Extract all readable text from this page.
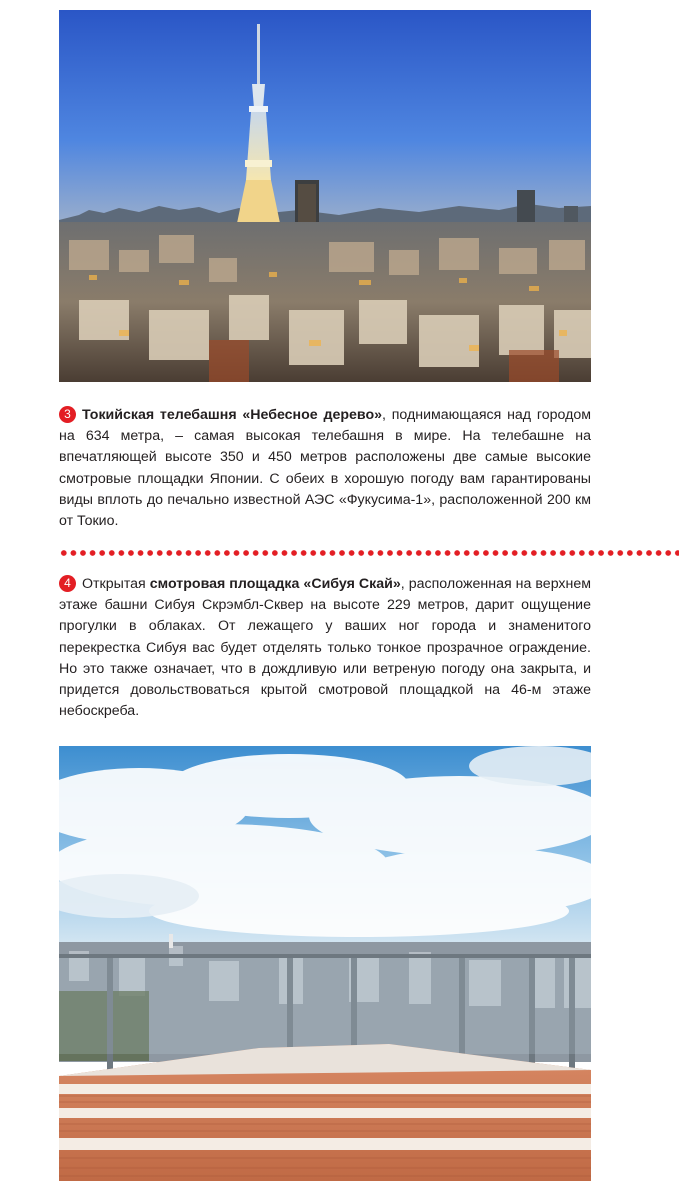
3 Токийская телебашня «Небесное дерево», поднимающаяся над городом на 634 метра, – самая высокая телебашня в мире. На телебашне на впечатляющей высоте 350 и 450 метров расположены две самые высокие смотровые площадки Японии. С обеих в хорошую погоду вам гарантированы виды вплоть до печально известной АЭС «Фукусима-1», расположенной 200 км от Токио.
4 Открытая смотровая площадка «Сибуя Скай», расположенная на верхнем этаже башни Сибуя Скрэмбл-Сквер на высоте 229 метров, дарит ощущение прогулки в облаках. От лежащего у ваших ног города и знаменитого перекрестка Сибуя вас будет отделять только тонкое прозрачное ограждение. Но это также означает, что в дождливую или ветреную погоду она закрыта, и придется довольствоваться крытой смотровой площадкой на 46-м этаже небоскреба.
